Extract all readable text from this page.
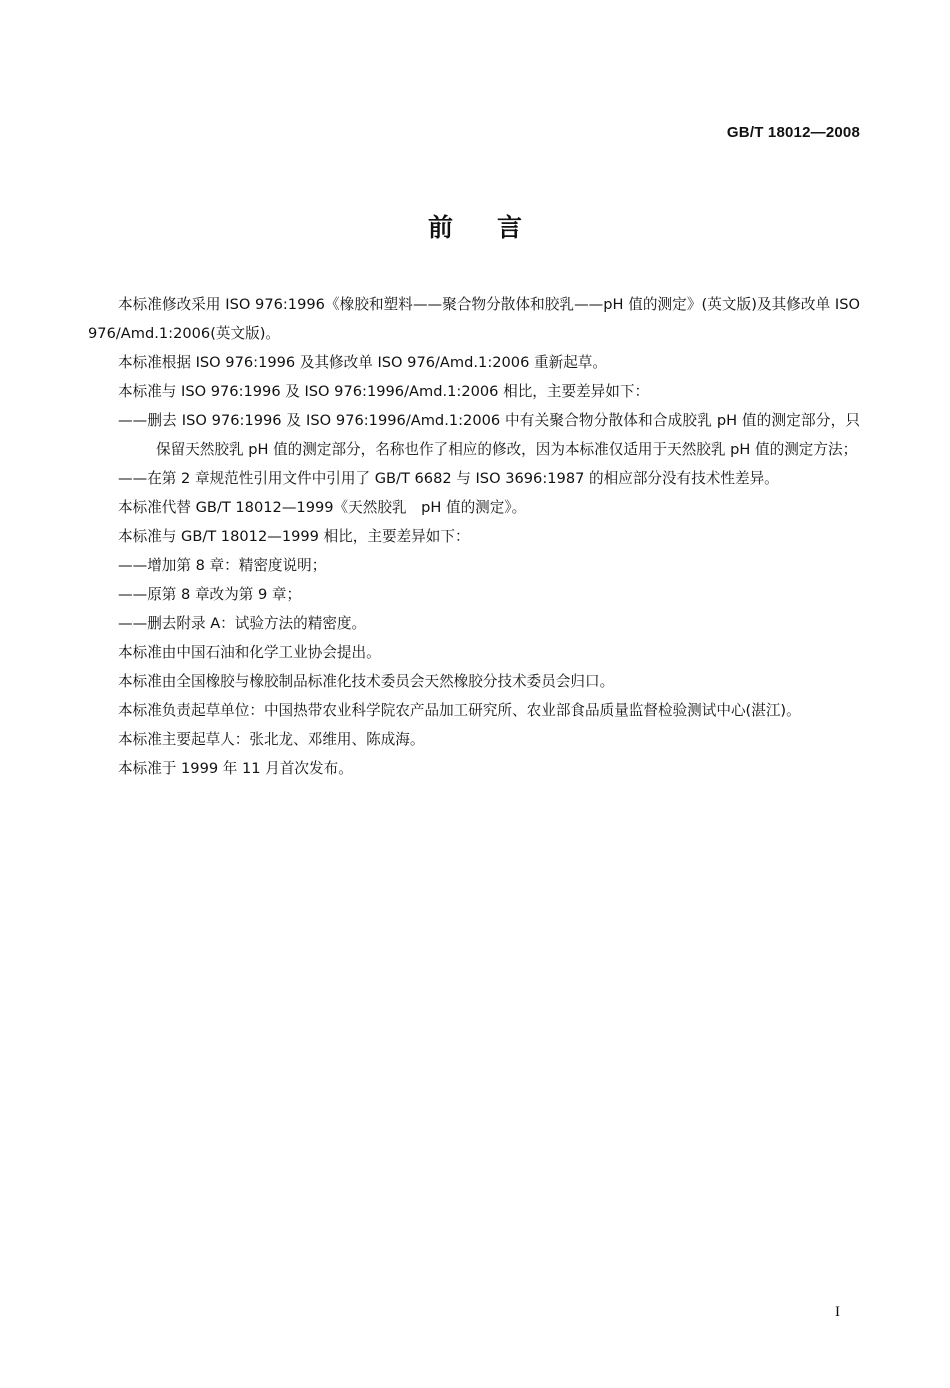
GB/T 18012—2008
前言

本标准修改采用 ISO 976:1996《橡胶和塑料——聚合物分散体和胶乳——pH 值的测定》(英文版)及其修改单 ISO 976/Amd.1:2006(英文版)。

本标准根据 ISO 976:1996 及其修改单 ISO 976/Amd.1:2006 重新起草。

本标准与 ISO 976:1996 及 ISO 976:1996/Amd.1:2006 相比，主要差异如下：

——删去 ISO 976:1996 及 ISO 976:1996/Amd.1:2006 中有关聚合物分散体和合成胶乳 pH 值的测定部分，只保留天然胶乳 pH 值的测定部分，名称也作了相应的修改，因为本标准仅适用于天然胶乳 pH 值的测定方法；

——在第 2 章规范性引用文件中引用了 GB/T 6682 与 ISO 3696:1987 的相应部分没有技术性差异。

本标准代替 GB/T 18012—1999《天然胶乳　pH 值的测定》。

本标准与 GB/T 18012—1999 相比，主要差异如下：

——增加第 8 章：精密度说明；

——原第 8 章改为第 9 章；

——删去附录 A：试验方法的精密度。

本标准由中国石油和化学工业协会提出。

本标准由全国橡胶与橡胶制品标准化技术委员会天然橡胶分技术委员会归口。

本标准负责起草单位：中国热带农业科学院农产品加工研究所、农业部食品质量监督检验测试中心(湛江)。

本标准主要起草人：张北龙、邓维用、陈成海。

本标准于 1999 年 11 月首次发布。

I
